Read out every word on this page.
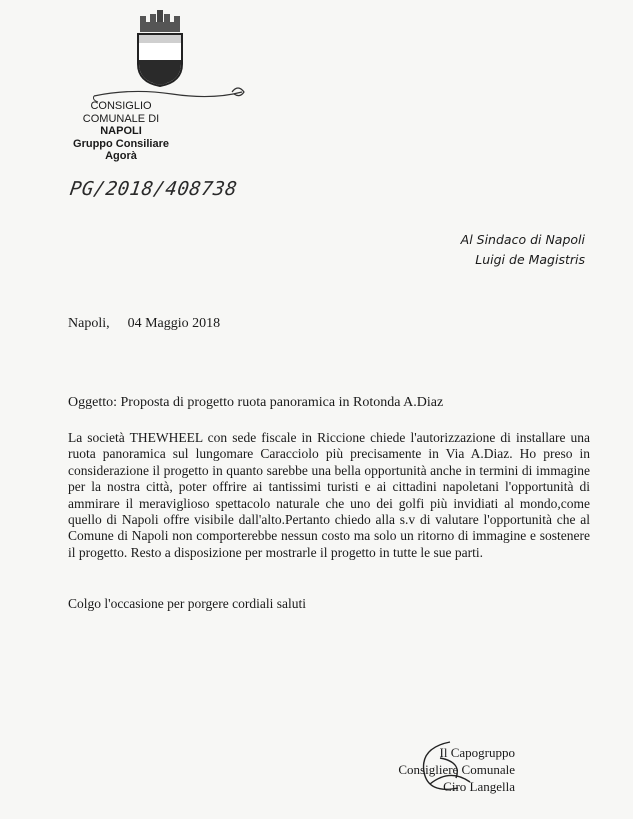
CONSIGLIO
COMUNALE DI
NAPOLI
Gruppo Consiliare
Agorà
PG/2018/408738
Al Sindaco di Napoli
Luigi de Magistris
Napoli, 04 Maggio 2018
Oggetto: Proposta di progetto ruota panoramica in Rotonda A.Diaz
La società THEWHEEL con sede fiscale in Riccione chiede l'autorizzazione di installare una ruota panoramica sul lungomare Caracciolo più precisamente in Via A.Diaz. Ho preso in considerazione il progetto in quanto sarebbe una bella opportunità anche in termini di immagine per la nostra città, poter offrire ai tantissimi turisti e ai cittadini napoletani l'opportunità di ammirare il meraviglioso spettacolo naturale che uno dei golfi più invidiati al mondo,come quello di Napoli offre visibile dall'alto.Pertanto chiedo alla s.v di valutare l'opportunità che al Comune di Napoli non comporterebbe nessun costo ma solo un ritorno di immagine e sostenere il progetto. Resto a disposizione per mostrarle il progetto in tutte le sue parti.
Colgo l'occasione per porgere cordiali saluti
Il Capogruppo
Consigliere Comunale
Ciro Langella
